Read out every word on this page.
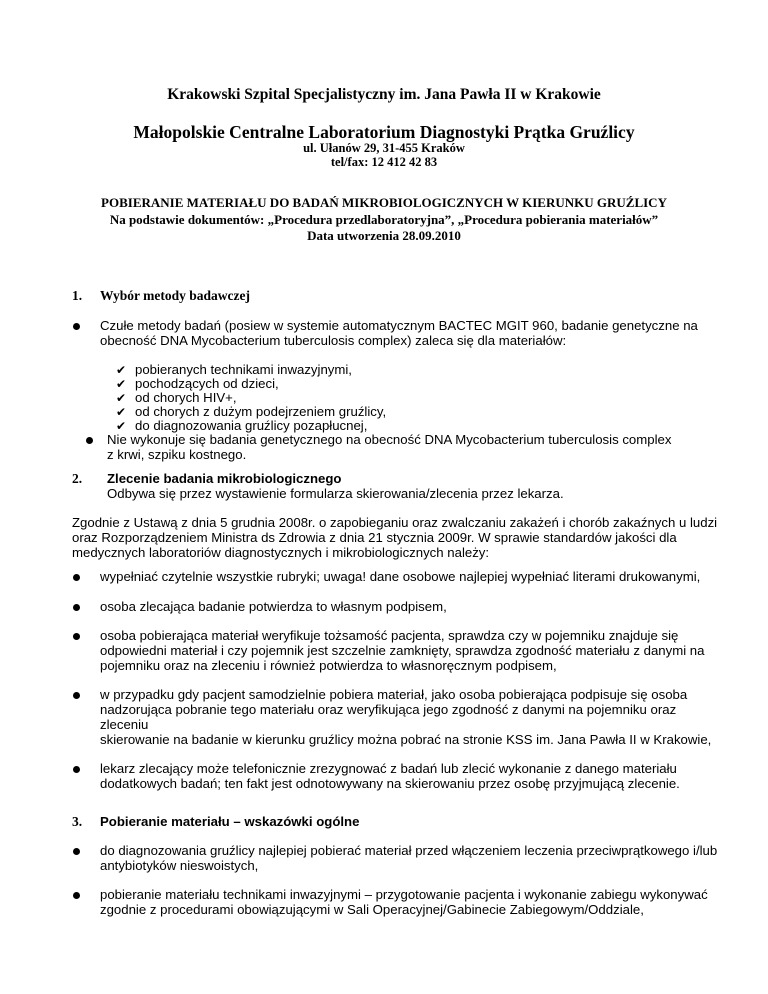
Krakowski Szpital Specjalistyczny im. Jana Pawła II w Krakowie
Małopolskie Centralne Laboratorium Diagnostyki Prątka Gruźlicy
ul. Ułanów 29, 31-455 Kraków
tel/fax: 12 412 42 83
POBIERANIE MATERIAŁU DO BADAŃ MIKROBIOLOGICZNYCH W KIERUNKU GRUŹLICY
Na podstawie dokumentów: „Procedura przedlaboratoryjna”, „Procedura pobierania materiałów”
Data utworzenia 28.09.2010
1. Wybór metody badawczej
Czułe metody badań (posiew w systemie automatycznym BACTEC MGIT 960, badanie genetyczne na
obecność DNA Mycobacterium tuberculosis complex) zaleca się dla materiałów:
✔ pobieranych technikami inwazyjnymi,
✔ pochodzących od dzieci,
✔ od chorych HIV+,
✔ od chorych z dużym podejrzeniem gruźlicy,
✔ do diagnozowania gruźlicy pozapłucnej,
Nie wykonuje się badania genetycznego na obecność DNA Mycobacterium tuberculosis complex
z krwi, szpiku kostnego.
2. Zlecenie badania mikrobiologicznego
Odbywa się przez wystawienie formularza skierowania/zlecenia przez lekarza.
Zgodnie z Ustawą z dnia 5 grudnia 2008r. o zapobieganiu oraz zwalczaniu zakażeń i chorób zakaźnych u ludzi
oraz Rozporządzeniem Ministra ds Zdrowia z dnia 21 stycznia 2009r. W sprawie standardów jakości dla
medycznych laboratoriów diagnostycznych i mikrobiologicznych należy:
wypełniać czytelnie wszystkie rubryki; uwaga! dane osobowe najlepiej wypełniać literami drukowanymi,
osoba zlecająca badanie potwierdza to własnym podpisem,
osoba pobierająca materiał weryfikuje tożsamość pacjenta, sprawdza czy w pojemniku znajduje się
odpowiedni materiał i czy pojemnik jest szczelnie zamknięty, sprawdza zgodność materiału z danymi na
pojemniku oraz na zleceniu i również potwierdza to własnoręcznym podpisem,
w przypadku gdy pacjent samodzielnie pobiera materiał, jako osoba pobierająca podpisuje się osoba
nadzorująca pobranie tego materiału oraz weryfikująca jego zgodność z danymi na pojemniku oraz
zleceniu
skierowanie na badanie w kierunku gruźlicy można pobrać na stronie KSS im. Jana Pawła II w Krakowie,
lekarz zlecający może telefonicznie zrezygnować z badań lub zlecić wykonanie z danego materiału
dodatkowych badań; ten fakt jest odnotowywany na skierowaniu przez osobę przyjmującą zlecenie.
3. Pobieranie materiału – wskazówki ogólne
do diagnozowania gruźlicy najlepiej pobierać materiał przed włączeniem leczenia przeciwprątkowego i/lub
antybiotyków nieswoistych,
pobieranie materiału technikami inwazyjnymi – przygotowanie pacjenta i wykonanie zabiegu wykonywać
zgodnie z procedurami obowiązującymi w Sali Operacyjnej/Gabinecie Zabiegowym/Oddziale,
